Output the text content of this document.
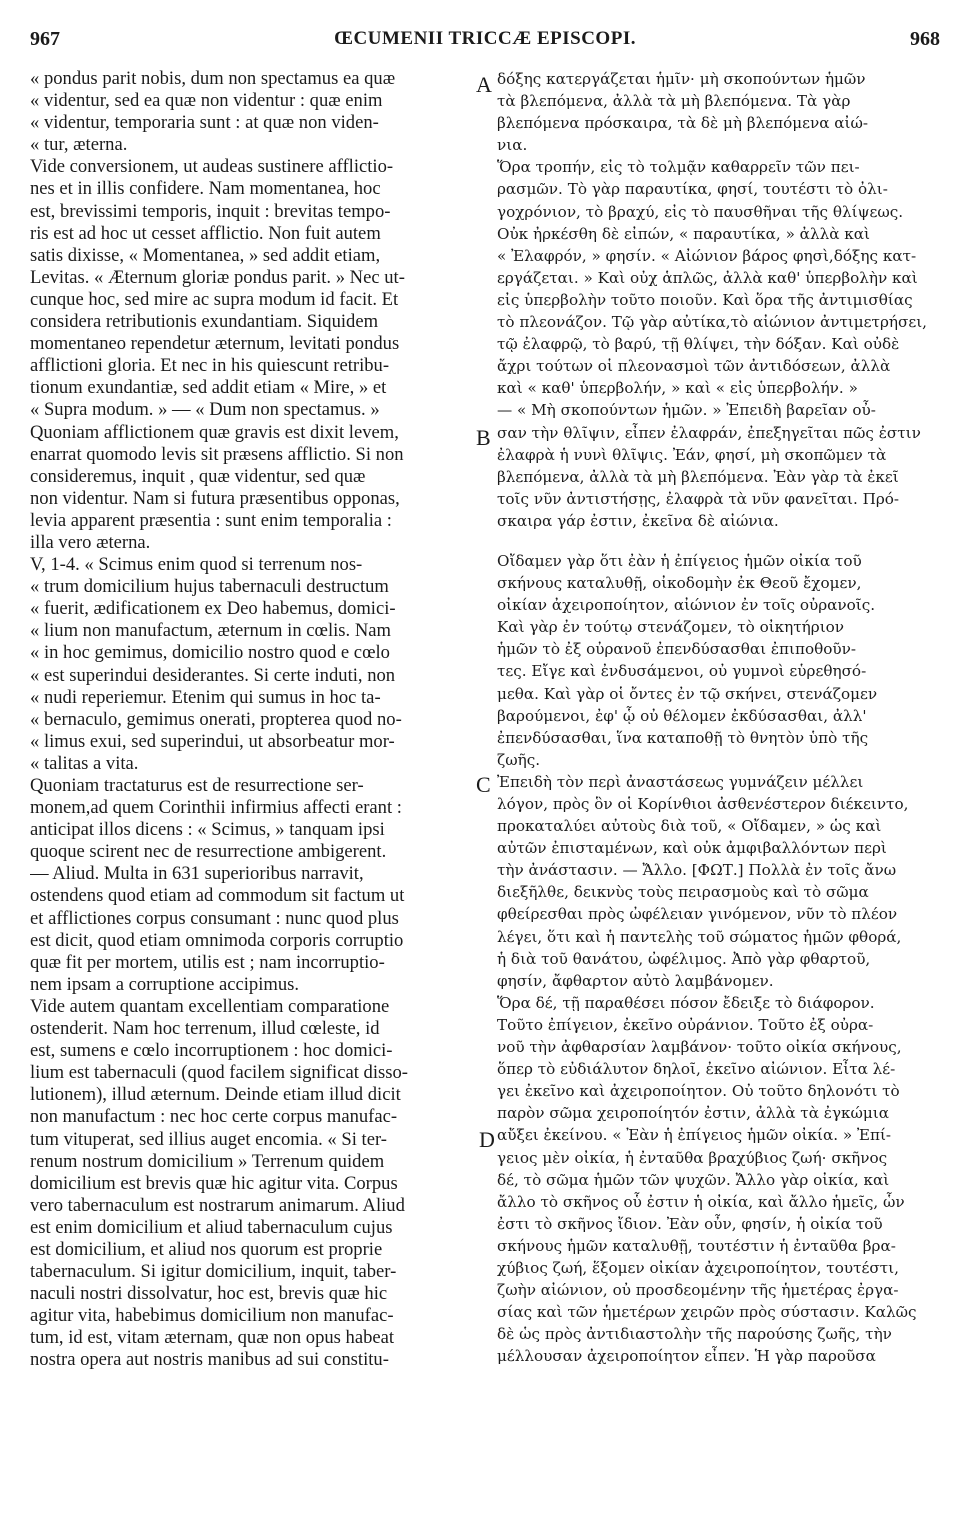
967	ŒCUMENII TRICCÆ EPISCOPI.	968
« pondus parit nobis, dum non spectamus ea quæ
« videntur, sed ea quæ non videntur : quæ enim
« videntur, temporaria sunt : at quæ non viden-
« tur, æterna.
Vide conversionem, ut audeas sustinere afflictio-
nes et in illis confidere. Nam momentanea, hoc
est, brevissimi temporis, inquit : brevitas tempo-
ris est ad hoc ut cesset afflictio. Non fuit autem
satis dixisse, « Momentanea, » sed addit etiam,
Levitas. « Æternum gloriæ pondus parit. » Nec ut-
cunque hoc, sed mire ac supra modum id facit. Et
considera retributionis exundantiam. Siquidem
momentaneo rependetur æternum, levitati pondus
afflictioni gloria. Et nec in his quiescunt retribu-
tionum exundantiæ, sed addit etiam « Mire, » et
« Supra modum. » — « Dum non spectamus. »
Quoniam afflictionem quæ gravis est dixit levem,
enarrat quomodo levis sit præsens afflictio. Si non
consideremus, inquit , quæ videntur, sed quæ
non videntur. Nam si futura præsentibus opponas,
levia apparent præsentia : sunt enim temporalia :
illa vero æterna.
V, 1-4. « Scimus enim quod si terrenum nos-
« trum domicilium hujus tabernaculi destructum
« fuerit, ædificationem ex Deo habemus, domici-
« lium non manufactum, æternum in cœlis. Nam
« in hoc gemimus, domicilio nostro quod e cœlo
« est superindui desiderantes. Si certe induti, non
« nudi reperiemur. Etenim qui sumus in hoc ta-
« bernaculo, gemimus onerati, propterea quod no-
« limus exui, sed superindui, ut absorbeatur mor-
« talitas a vita.
Quoniam tractaturus est de resurrectione ser-
monem,ad quem Corinthii infirmius affecti erant :
anticipat illos dicens : « Scimus, » tanquam ipsi
quoque scirent nec de resurrectione ambigerent.
— Aliud. Multa in 631 superioribus narravit,
ostendens quod etiam ad commodum sit factum ut
et afflictiones corpus consumant : nunc quod plus
est dicit, quod etiam omnimoda corporis corruptio
quæ fit per mortem, utilis est ; nam incorruptio-
nem ipsam a corruptione accipimus.
Vide autem quantam excellentiam comparatione
ostenderit. Nam hoc terrenum, illud cœleste, id
est, sumens e cœlo incorruptionem : hoc domici-
lium est tabernaculi (quod facilem significat disso-
lutionem), illud æternum. Deinde etiam illud dicit
non manufactum : nec hoc certe corpus manufac-
tum vituperat, sed illius auget encomia. « Si ter-
renum nostrum domicilium » Terrenum quidem
domicilium est brevis quæ hic agitur vita. Corpus
vero tabernaculum est nostrarum animarum. Aliud
est enim domicilium et aliud tabernaculum cujus
est domicilium, et aliud nos quorum est proprie
tabernaculum. Si igitur domicilium, inquit, taber-
naculi nostri dissolvatur, hoc est, brevis quæ hic
agitur vita, habebimus domicilium non manufac-
tum, id est, vitam æternam, quæ non opus habeat
nostra opera aut nostris manibus ad sui constitu-
δόξης κατεργάζεται ἡμῖν· μὴ σκοπούντων ἡμῶν
τὰ βλεπόμενα, ἀλλὰ τὰ μὴ βλεπόμενα. Τὰ γὰρ
βλεπόμενα πρόσκαιρα, τὰ δὲ μὴ βλεπόμενα αἰώ-
νια.
Ὅρα τροπήν, εἰς τὸ τολμᾷν καθαρρεῖν τῶν πει-
ρασμῶν. Τὸ γὰρ παραυτίκα, φησί, τουτέστι τὸ ὀλι-
γοχρόνιον, τὸ βραχύ, εἰς τὸ παυσθῆναι τῆς θλίψεως.
Οὐκ ἠρκέσθη δὲ εἰπών, « παραυτίκα, » ἀλλὰ καὶ
« Ἐλαφρόν, » φησίν. « Αἰώνιον βάρος φησὶ,δόξης κατ-
εργάζεται. » Καὶ οὐχ ἁπλῶς, ἀλλὰ καθ' ὑπερβολὴν καὶ
εἰς ὑπερβολὴν τοῦτο ποιοῦν. Καὶ ὅρα τῆς ἀντιμισθίας
τὸ πλεονάζον. Τῷ γὰρ αὐτίκα,τὸ αἰώνιον ἀντιμετρήσει,
τῷ ἐλαφρῷ, τὸ βαρύ, τῇ θλίψει, τὴν δόξαν. Καὶ οὐδὲ
ἄχρι τούτων οἱ πλεονασμοὶ τῶν ἀντιδόσεων, ἀλλὰ
καὶ « καθ' ὑπερβολήν, » καὶ « εἰς ὑπερβολήν. »
— « Μὴ σκοπούντων ἡμῶν. » Ἐπειδὴ βαρεῖαν οὖ-
σαν τὴν θλῖψιν, εἶπεν ἐλαφράν, ἐπεξηγεῖται πῶς ἐστιν
ἐλαφρὰ ἡ νυνὶ θλῖψις. Ἐάν, φησί, μὴ σκοπῶμεν τὰ
βλεπόμενα, ἀλλὰ τὰ μὴ βλεπόμενα. Ἐὰν γὰρ τὰ ἐκεῖ
τοῖς νῦν ἀντιστήσῃς, ἐλαφρὰ τὰ νῦν φανεῖται. Πρό-
σκαιρα γάρ ἐστιν, ἐκεῖνα δὲ αἰώνια.
Οἴδαμεν γὰρ ὅτι ἐὰν ἡ ἐπίγειος ἡμῶν οἰκία τοῦ
σκήνους καταλυθῇ, οἰκοδομὴν ἐκ Θεοῦ ἔχομεν,
οἰκίαν ἀχειροποίητον, αἰώνιον ἐν τοῖς οὐρανοῖς.
Καὶ γὰρ ἐν τούτῳ στενάζομεν, τὸ οἰκητήριον
ἡμῶν τὸ ἐξ οὐρανοῦ ἐπενδύσασθαι ἐπιποθοῦν-
τες. Εἴγε καὶ ἐνδυσάμενοι, οὐ γυμνοὶ εὑρεθησό-
μεθα. Καὶ γὰρ οἱ ὄντες ἐν τῷ σκήνει, στενάζομεν
βαρούμενοι, ἐφ' ᾧ οὐ θέλομεν ἐκδύσασθαι, ἀλλ'
ἐπενδύσασθαι, ἵνα καταποθῇ τὸ θνητὸν ὑπὸ τῆς
ζωῆς.
Ἐπειδὴ τὸν περὶ ἀναστάσεως γυμνάζειν μέλλει
λόγον, πρὸς ὃν οἱ Κορίνθιοι ἀσθενέστερον διέκειντο,
προκαταλύει αὐτοὺς διὰ τοῦ, « Οἴδαμεν, » ὡς καὶ
αὐτῶν ἐπισταμένων, καὶ οὐκ ἀμφιβαλλόντων περὶ
τὴν ἀνάστασιν. — Ἄλλο. [ΦΩΤ.] Πολλὰ ἐν τοῖς ἄνω
διεξῆλθε, δεικνὺς τοὺς πειρασμοὺς καὶ τὸ σῶμα
φθείρεσθαι πρὸς ὠφέλειαν γινόμενον, νῦν τὸ πλέον
λέγει, ὅτι καὶ ἡ παντελὴς τοῦ σώματος ἡμῶν φθορά,
ἡ διὰ τοῦ θανάτου, ὠφέλιμος. Ἀπὸ γὰρ φθαρτοῦ,
φησίν, ἄφθαρτον αὐτὸ λαμβάνομεν.
Ὅρα δέ, τῇ παραθέσει πόσον ἔδειξε τὸ διάφορον.
Τοῦτο ἐπίγειον, ἐκεῖνο οὐράνιον. Τοῦτο ἐξ οὐρα-
νοῦ τὴν ἀφθαρσίαν λαμβάνον· τοῦτο οἰκία σκήνους,
ὅπερ τὸ εὐδιάλυτον δηλοῖ, ἐκεῖνο αἰώνιον. Εἶτα λέ-
γει ἐκεῖνο καὶ ἀχειροποίητον. Οὐ τοῦτο δηλονότι τὸ
παρὸν σῶμα χειροποίητόν ἐστιν, ἀλλὰ τὰ ἐγκώμια
αὔξει ἐκείνου. « Ἐὰν ἡ ἐπίγειος ἡμῶν οἰκία. » Ἐπί-
γειος μὲν οἰκία, ἡ ἐνταῦθα βραχύβιος ζωή· σκῆνος
δέ, τὸ σῶμα ἡμῶν τῶν ψυχῶν. Ἄλλο γὰρ οἰκία, καὶ
ἄλλο τὸ σκῆνος οὗ ἐστιν ἡ οἰκία, καὶ ἄλλο ἡμεῖς, ὧν
ἐστι τὸ σκῆνος ἴδιον. Ἐὰν οὖν, φησίν, ἡ οἰκία τοῦ
σκήνους ἡμῶν καταλυθῇ, τουτέστιν ἡ ἐνταῦθα βρα-
χύβιος ζωή, ἕξομεν οἰκίαν ἀχειροποίητον, τουτέστι,
ζωὴν αἰώνιον, οὐ προσδεομένην τῆς ἡμετέρας ἐργα-
σίας καὶ τῶν ἡμετέρων χειρῶν πρὸς σύστασιν. Καλῶς
δὲ ὡς πρὸς ἀντιδιαστολὴν τῆς παρούσης ζωῆς, τὴν
μέλλουσαν ἀχειροποίητον εἶπεν. Ἡ γὰρ παροῦσα
A
B
C
D
